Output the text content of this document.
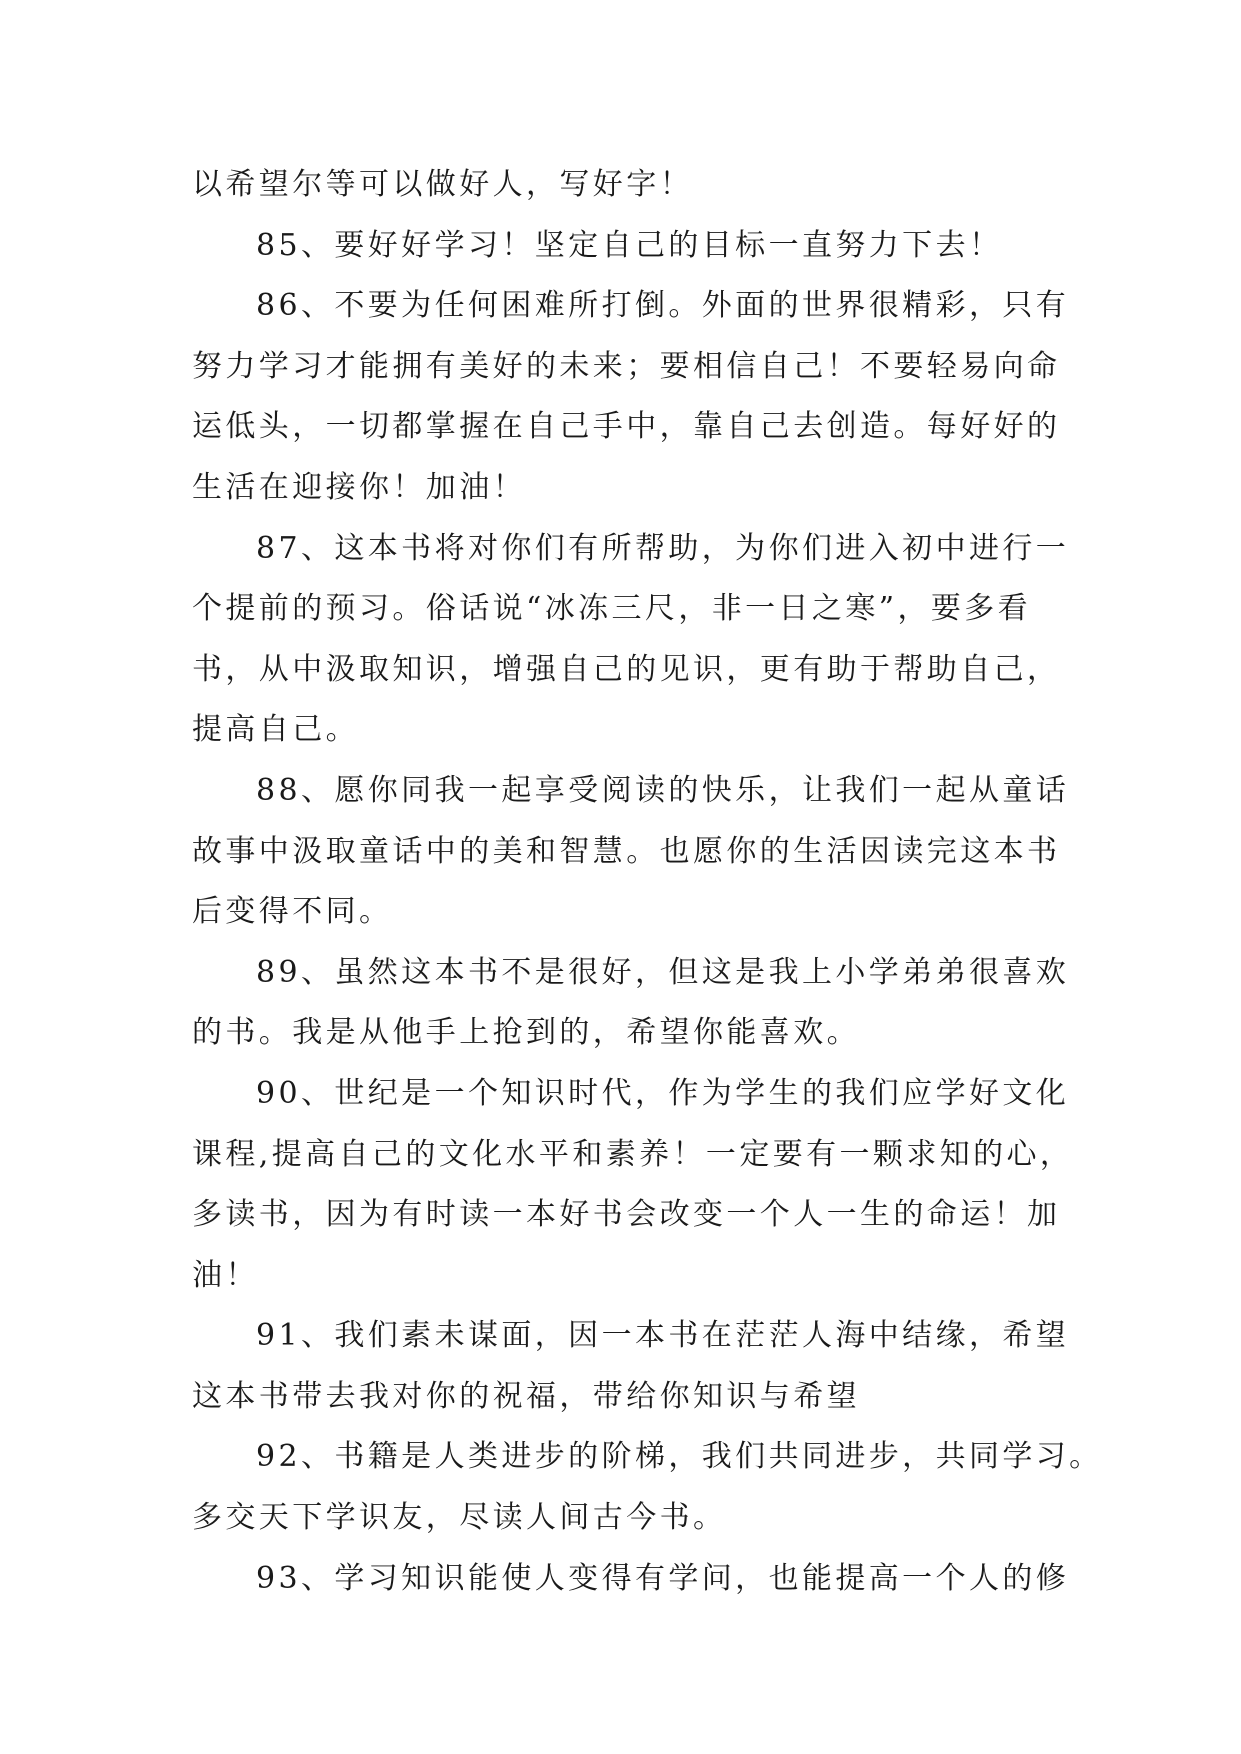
以希望尔等可以做好人，写好字！
85、要好好学习！坚定自己的目标一直努力下去！
86、不要为任何困难所打倒。外面的世界很精彩，只有
努力学习才能拥有美好的未来；要相信自己！不要轻易向命
运低头，一切都掌握在自己手中，靠自己去创造。每好好的
生活在迎接你！加油！
87、这本书将对你们有所帮助，为你们进入初中进行一
个提前的预习。俗话说“冰冻三尺，非一日之寒”，要多看
书，从中汲取知识，增强自己的见识，更有助于帮助自己，
提高自己。
88、愿你同我一起享受阅读的快乐，让我们一起从童话
故事中汲取童话中的美和智慧。也愿你的生活因读完这本书
后变得不同。
89、虽然这本书不是很好，但这是我上小学弟弟很喜欢
的书。我是从他手上抢到的，希望你能喜欢。
90、世纪是一个知识时代，作为学生的我们应学好文化
课程,提高自己的文化水平和素养！一定要有一颗求知的心，
多读书，因为有时读一本好书会改变一个人一生的命运！加
油！
91、我们素未谋面，因一本书在茫茫人海中结缘，希望
这本书带去我对你的祝福，带给你知识与希望
92、书籍是人类进步的阶梯，我们共同进步，共同学习。
多交天下学识友，尽读人间古今书。
93、学习知识能使人变得有学问，也能提高一个人的修
